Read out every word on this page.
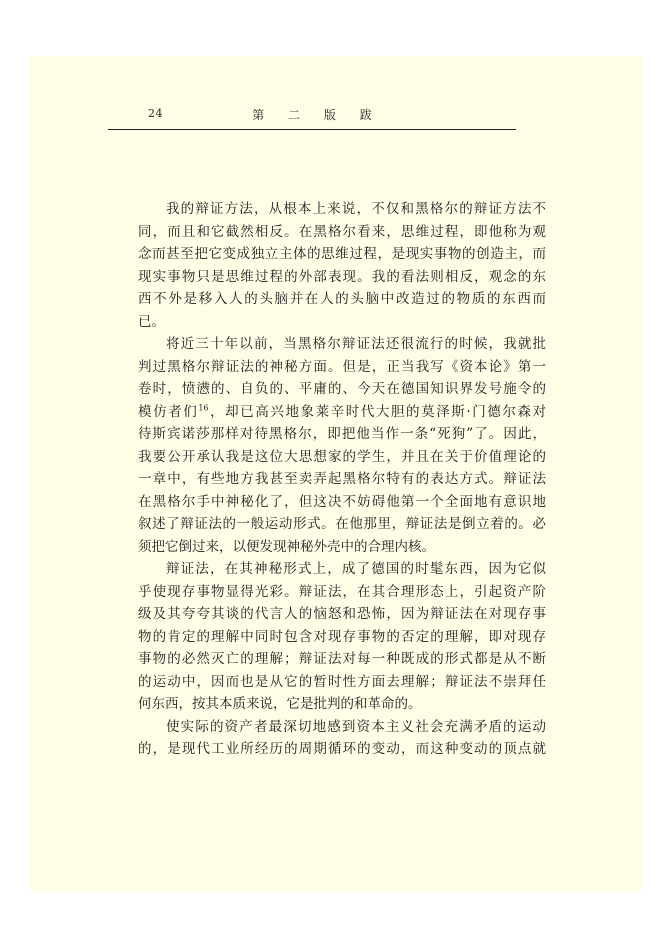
24	第 二 版 跋
我的辩证方法，从根本上来说，不仅和黑格尔的辩证方法不
同，而且和它截然相反。在黑格尔看来，思维过程，即他称为观
念而甚至把它变成独立主体的思维过程，是现实事物的创造主，而
现实事物只是思维过程的外部表现。我的看法则相反，观念的东
西不外是移入人的头脑并在人的头脑中改造过的物质的东西而
已。
将近三十年以前，当黑格尔辩证法还很流行的时候，我就批
判过黑格尔辩证法的神秘方面。但是，正当我写《资本论》第一
卷时，愤懑的、自负的、平庸的、今天在德国知识界发号施令的
模仿者们$^{16}$，却已高兴地象莱辛时代大胆的莫泽斯·门德尔森对
待斯宾诺莎那样对待黑格尔，即把他当作一条“死狗”了。因此，
我要公开承认我是这位大思想家的学生，并且在关于价值理论的
一章中，有些地方我甚至卖弄起黑格尔特有的表达方式。辩证法
在黑格尔手中神秘化了，但这决不妨碍他第一个全面地有意识地
叙述了辩证法的一般运动形式。在他那里，辩证法是倒立着的。必
须把它倒过来，以便发现神秘外壳中的合理内核。
辩证法，在其神秘形式上，成了德国的时髦东西，因为它似
乎使现存事物显得光彩。辩证法，在其合理形态上，引起资产阶
级及其夸夸其谈的代言人的恼怒和恐怖，因为辩证法在对现存事
物的肯定的理解中同时包含对现存事物的否定的理解，即对现存
事物的必然灭亡的理解；辩证法对每一种既成的形式都是从不断
的运动中，因而也是从它的暂时性方面去理解；辩证法不崇拜任
何东西，按其本质来说，它是批判的和革命的。
使实际的资产者最深切地感到资本主义社会充满矛盾的运动
的，是现代工业所经历的周期循环的变动，而这种变动的顶点就
